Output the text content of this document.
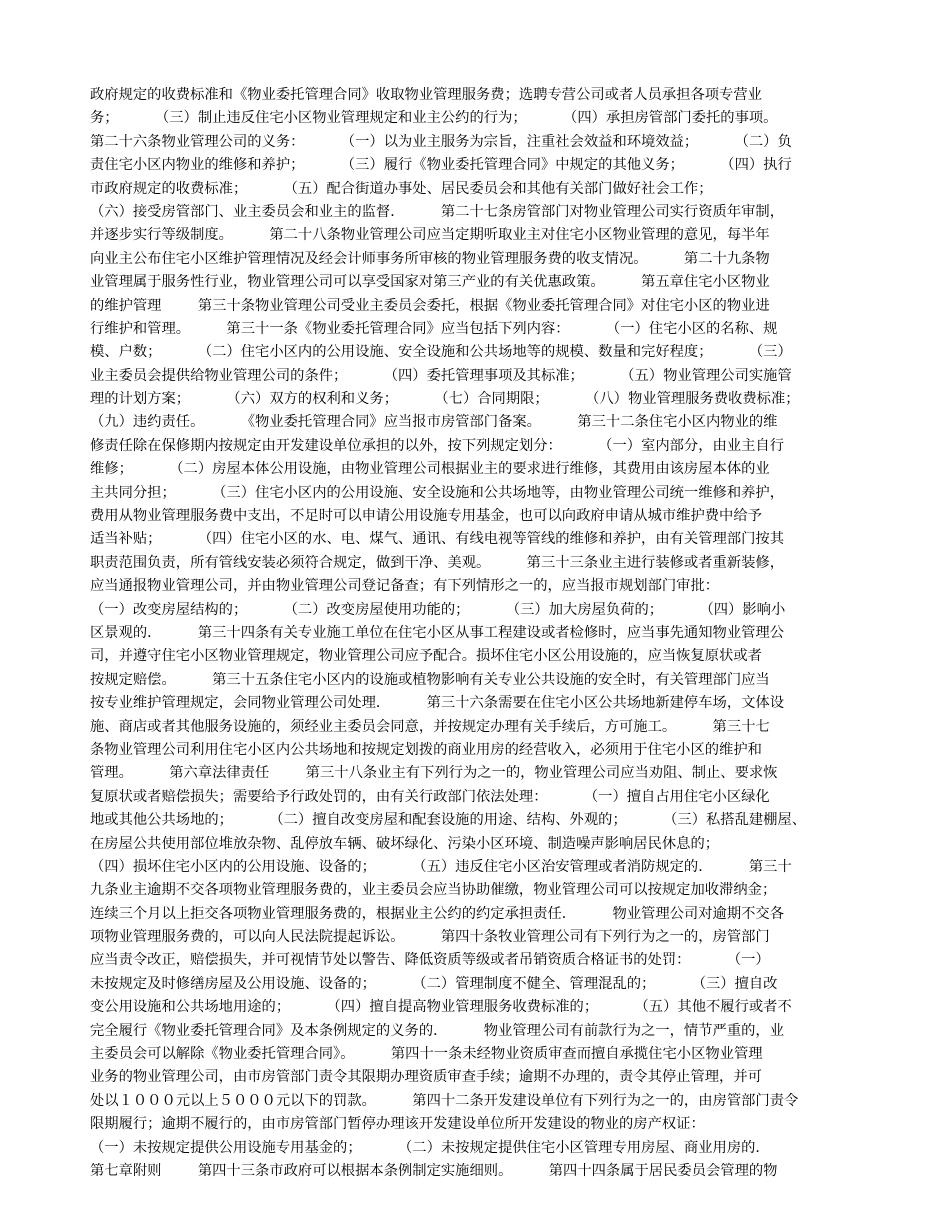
政府规定的收费标准和《物业委托管理合同》收取物业管理服务费；选聘专营公司或者人员承担各项专营业
务；        （三）制止违反住宅小区物业管理规定和业主公约的行为；        （四）承担房管部门委托的事项。
第二十六条物业管理公司的义务：        （一）以为业主服务为宗旨，注重社会效益和环境效益；        （二）负
责住宅小区内物业的维修和养护；        （三）履行《物业委托管理合同》中规定的其他义务；        （四）执行
市政府规定的收费标准；        （五）配合街道办事处、居民委员会和其他有关部门做好社会工作；
（六）接受房管部门、业主委员会和业主的监督．        第二十七条房管部门对物业管理公司实行资质年审制，
并逐步实行等级制度。        第二十八条物业管理公司应当定期听取业主对住宅小区物业管理的意见，每半年
向业主公布住宅小区维护管理情况及经会计师事务所审核的物业管理服务费的收支情况。        第二十九条物
业管理属于服务性行业，物业管理公司可以享受国家对第三产业的有关优惠政策。        第五章住宅小区物业
的维护管理        第三十条物业管理公司受业主委员会委托，根据《物业委托管理合同》对住宅小区的物业进
行维护和管理。        第三十一条《物业委托管理合同》应当包括下列内容：        （一）住宅小区的名称、规
模、户数；        （二）住宅小区内的公用设施、安全设施和公共场地等的规模、数量和完好程度；        （三）
业主委员会提供给物业管理公司的条件；        （四）委托管理事项及其标准；        （五）物业管理公司实施管
理的计划方案；        （六）双方的权利和义务；        （七）合同期限；        （八）物业管理服务费收费标准；
（九）违约责任。        《物业委托管理合同》应当报市房管部门备案。        第三十二条住宅小区内物业的维
修责任除在保修期内按规定由开发建设单位承担的以外，按下列规定划分：        （一）室内部分，由业主自行
维修；        （二）房屋本体公用设施，由物业管理公司根据业主的要求进行维修，其费用由该房屋本体的业
主共同分担；        （三）住宅小区内的公用设施、安全设施和公共场地等，由物业管理公司统一维修和养护，
费用从物业管理服务费中支出，不足时可以申请公用设施专用基金，也可以向政府申请从城市维护费中给予
适当补贴；        （四）住宅小区的水、电、煤气、通讯、有线电视等管线的维修和养护，由有关管理部门按其
职责范围负责，所有管线安装必须符合规定，做到干净、美观。        第三十三条业主进行装修或者重新装修，
应当通报物业管理公司，并由物业管理公司登记备查；有下列情形之一的，应当报市规划部门审批：
（一）改变房屋结构的；        （二）改变房屋使用功能的；        （三）加大房屋负荷的；        （四）影响小
区景观的．        第三十四条有关专业施工单位在住宅小区从事工程建设或者检修时，应当事先通知物业管理公
司，并遵守住宅小区物业管理规定，物业管理公司应予配合。损坏住宅小区公用设施的，应当恢复原状或者
按规定赔偿。        第三十五条住宅小区内的设施或植物影响有关专业公共设施的安全时，有关管理部门应当
按专业维护管理规定，会同物业管理公司处理．        第三十六条需要在住宅小区公共场地新建停车场，文体设
施、商店或者其他服务设施的，须经业主委员会同意，并按规定办理有关手续后，方可施工。        第三十七
条物业管理公司利用住宅小区内公共场地和按规定划拨的商业用房的经营收入，必须用于住宅小区的维护和
管理。        第六章法律责任        第三十八条业主有下列行为之一的，物业管理公司应当劝阻、制止、要求恢
复原状或者赔偿损失；需要给予行政处罚的，由有关行政部门依法处理：        （一）擅自占用住宅小区绿化
地或其他公共场地的；        （二）擅自改变房屋和配套设施的用途、结构、外观的；        （三）私搭乱建棚屋、
在房屋公共使用部位堆放杂物、乱停放车辆、破坏绿化、污染小区环境、制造噪声影响居民休息的；
（四）损坏住宅小区内的公用设施、设备的；        （五）违反住宅小区治安管理或者消防规定的．        第三十
九条业主逾期不交各项物业管理服务费的，业主委员会应当协助催缴，物业管理公司可以按规定加收滞纳金；
连续三个月以上拒交各项物业管理服务费的，根据业主公约的约定承担责任．        物业管理公司对逾期不交各
项物业管理服务费的，可以向人民法院提起诉讼。        第四十条牧业管理公司有下列行为之一的，房管部门
应当责令改正，赔偿损失，并可视情节处以警告、降低资质等级或者吊销资质合格证书的处罚：        （一）
未按规定及时修缮房屋及公用设施、设备的；        （二）管理制度不健全、管理混乱的；        （三）擅自改
变公用设施和公共场地用途的；        （四）擅自提高物业管理服务收费标准的；        （五）其他不履行或者不
完全履行《物业委托管理合同》及本条例规定的义务的．        物业管理公司有前款行为之一，情节严重的，业
主委员会可以解除《物业委托管理合同》。        第四十一条未经物业资质审查而擅自承揽住宅小区物业管理
业务的物业管理公司，由市房管部门责令其限期办理资质审查手续；逾期不办理的，责令其停止管理，并可
处以１０００元以上５０００元以下的罚款。        第四十二条开发建设单位有下列行为之一的，由房管部门责令
限期履行；逾期不履行的，由市房管部门暂停办理该开发建设单位所开发建设的物业的房产权证：
（一）未按规定提供公用设施专用基金的；        （二）未按规定提供住宅小区管理专用房屋、商业用房的．
第七章附则        第四十三条市政府可以根据本条例制定实施细则。        第四十四条属于居民委员会管理的物
